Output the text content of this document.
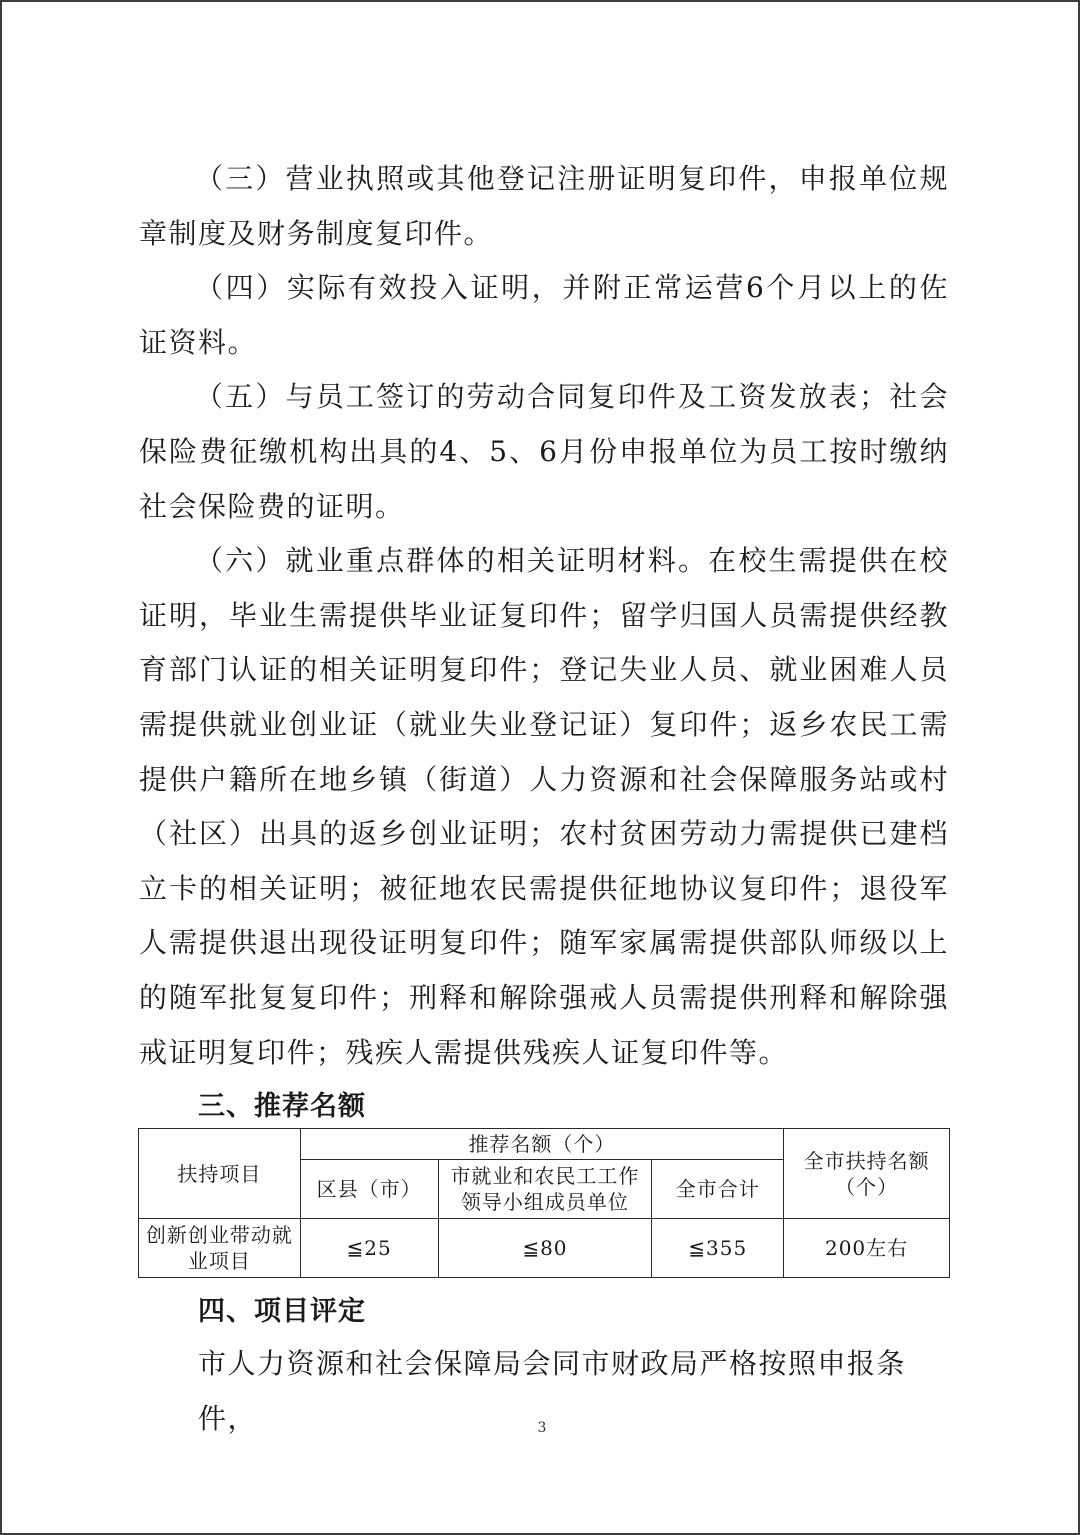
（三）营业执照或其他登记注册证明复印件，申报单位规章制度及财务制度复印件。

（四）实际有效投入证明，并附正常运营6个月以上的佐证资料。

（五）与员工签订的劳动合同复印件及工资发放表；社会保险费征缴机构出具的4、5、6月份申报单位为员工按时缴纳社会保险费的证明。

（六）就业重点群体的相关证明材料。在校生需提供在校证明，毕业生需提供毕业证复印件；留学归国人员需提供经教育部门认证的相关证明复印件；登记失业人员、就业困难人员需提供就业创业证（就业失业登记证）复印件；返乡农民工需提供户籍所在地乡镇（街道）人力资源和社会保障服务站或村（社区）出具的返乡创业证明；农村贫困劳动力需提供已建档立卡的相关证明；被征地农民需提供征地协议复印件；退役军人需提供退出现役证明复印件；随军家属需提供部队师级以上的随军批复复印件；刑释和解除强戒人员需提供刑释和解除强戒证明复印件；残疾人需提供残疾人证复印件等。

三、推荐名额
扶持项目	推荐名额（个）			全市扶持名额（个）
	区县（市）	市就业和农民工工作领导小组成员单位	全市合计	
创新创业带动就业项目	≦25	≦80	≦355	200左右
四、项目评定

市人力资源和社会保障局会同市财政局严格按照申报条件，	3
